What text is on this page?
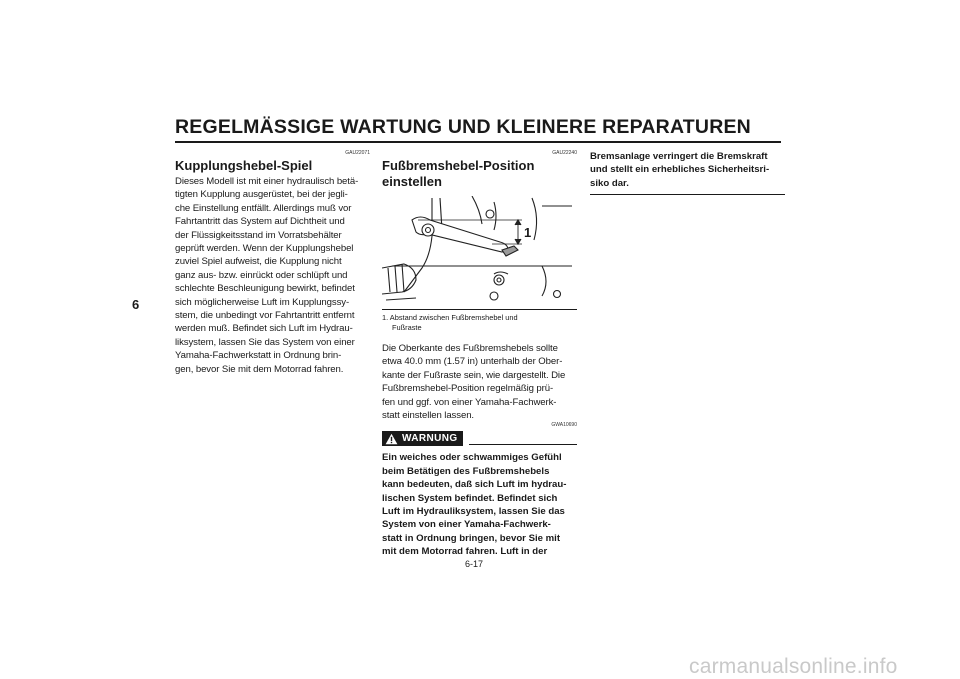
REGELMÄSSIGE WARTUNG UND KLEINERE REPARATUREN
6
GAU22071
Kupplungshebel-Spiel

Dieses Modell ist mit einer hydraulisch betä-

tigten Kupplung ausgerüstet, bei der jegli-

che Einstellung entfällt. Allerdings muß vor

Fahrtantritt das System auf Dichtheit und

der Flüssigkeitsstand im Vorratsbehälter

geprüft werden. Wenn der Kupplungshebel

zuviel Spiel aufweist, die Kupplung nicht

ganz aus- bzw. einrückt oder schlüpft und

schlechte Beschleunigung bewirkt, befindet

sich möglicherweise Luft im Kupplungssy-

stem, die unbedingt vor Fahrtantritt entfernt

werden muß. Befindet sich Luft im Hydrau-

liksystem, lassen Sie das System von einer

Yamaha-Fachwerkstatt in Ordnung brin-

gen, bevor Sie mit dem Motorrad fahren.

GAU22240
Fußbremshebel-Position
einstellen
1

1. Abstand zwischen Fußbremshebel und
Fußraste

Die Oberkante des Fußbremshebels sollte

etwa 40.0 mm (1.57 in) unterhalb der Ober-

kante der Fußraste sein, wie dargestellt. Die

Fußbremshebel-Position regelmäßig prü-

fen und ggf. von einer Yamaha-Fachwerk-

statt einstellen lassen.

GWA10690
WARNUNG

Ein weiches oder schwammiges Gefühl

beim Betätigen des Fußbremshebels

kann bedeuten, daß sich Luft im hydrau-

lischen System befindet. Befindet sich

Luft im Hydrauliksystem, lassen Sie das

System von einer Yamaha-Fachwerk-

statt in Ordnung bringen, bevor Sie mit

mit dem Motorrad fahren. Luft in der

Bremsanlage verringert die Bremskraft

und stellt ein erhebliches Sicherheitsri-

siko dar.

6-17
carmanualsonline.info
